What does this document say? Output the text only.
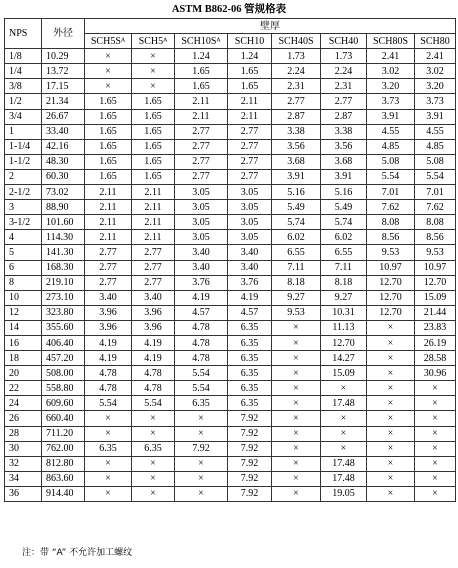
ASTM B862-06 管规格表
NPS	外径	壁厚							
		SCH5Sᴬ	SCH5ᴬ	SCH10Sᴬ	SCH10	SCH40S	SCH40	SCH80S	SCH80
1/8	10.29	×	×	1.24	1.24	1.73	1.73	2.41	2.41
1/4	13.72	×	×	1.65	1.65	2.24	2.24	3.02	3.02
3/8	17.15	×	×	1.65	1.65	2.31	2.31	3.20	3.20
1/2	21.34	1.65	1.65	2.11	2.11	2.77	2.77	3.73	3.73
3/4	26.67	1.65	1.65	2.11	2.11	2.87	2.87	3.91	3.91
1	33.40	1.65	1.65	2.77	2.77	3.38	3.38	4.55	4.55
1-1/4	42.16	1.65	1.65	2.77	2.77	3.56	3.56	4.85	4.85
1-1/2	48.30	1.65	1.65	2.77	2.77	3.68	3.68	5.08	5.08
2	60.30	1.65	1.65	2.77	2.77	3.91	3.91	5.54	5.54
2-1/2	73.02	2.11	2.11	3.05	3.05	5.16	5.16	7.01	7.01
3	88.90	2.11	2.11	3.05	3.05	5.49	5.49	7.62	7.62
3-1/2	101.60	2.11	2.11	3.05	3.05	5.74	5.74	8.08	8.08
4	114.30	2.11	2.11	3.05	3.05	6.02	6.02	8.56	8.56
5	141.30	2.77	2.77	3.40	3.40	6.55	6.55	9.53	9.53
6	168.30	2.77	2.77	3.40	3.40	7.11	7.11	10.97	10.97
8	219.10	2.77	2.77	3.76	3.76	8.18	8.18	12.70	12.70
10	273.10	3.40	3.40	4.19	4.19	9.27	9.27	12.70	15.09
12	323.80	3.96	3.96	4.57	4.57	9.53	10.31	12.70	21.44
14	355.60	3.96	3.96	4.78	6.35	×	11.13	×	23.83
16	406.40	4.19	4.19	4.78	6.35	×	12.70	×	26.19
18	457.20	4.19	4.19	4.78	6.35	×	14.27	×	28.58
20	508.00	4.78	4.78	5.54	6.35	×	15.09	×	30.96
22	558.80	4.78	4.78	5.54	6.35	×	×	×	×
24	609.60	5.54	5.54	6.35	6.35	×	17.48	×	×
26	660.40	×	×	×	7.92	×	×	×	×
28	711.20	×	×	×	7.92	×	×	×	×
30	762.00	6.35	6.35	7.92	7.92	×	×	×	×
32	812.80	×	×	×	7.92	×	17.48	×	×
34	863.60	×	×	×	7.92	×	17.48	×	×
36	914.40	×	×	×	7.92	×	19.05	×	×
注：带 “A” 不允许加工螺纹
